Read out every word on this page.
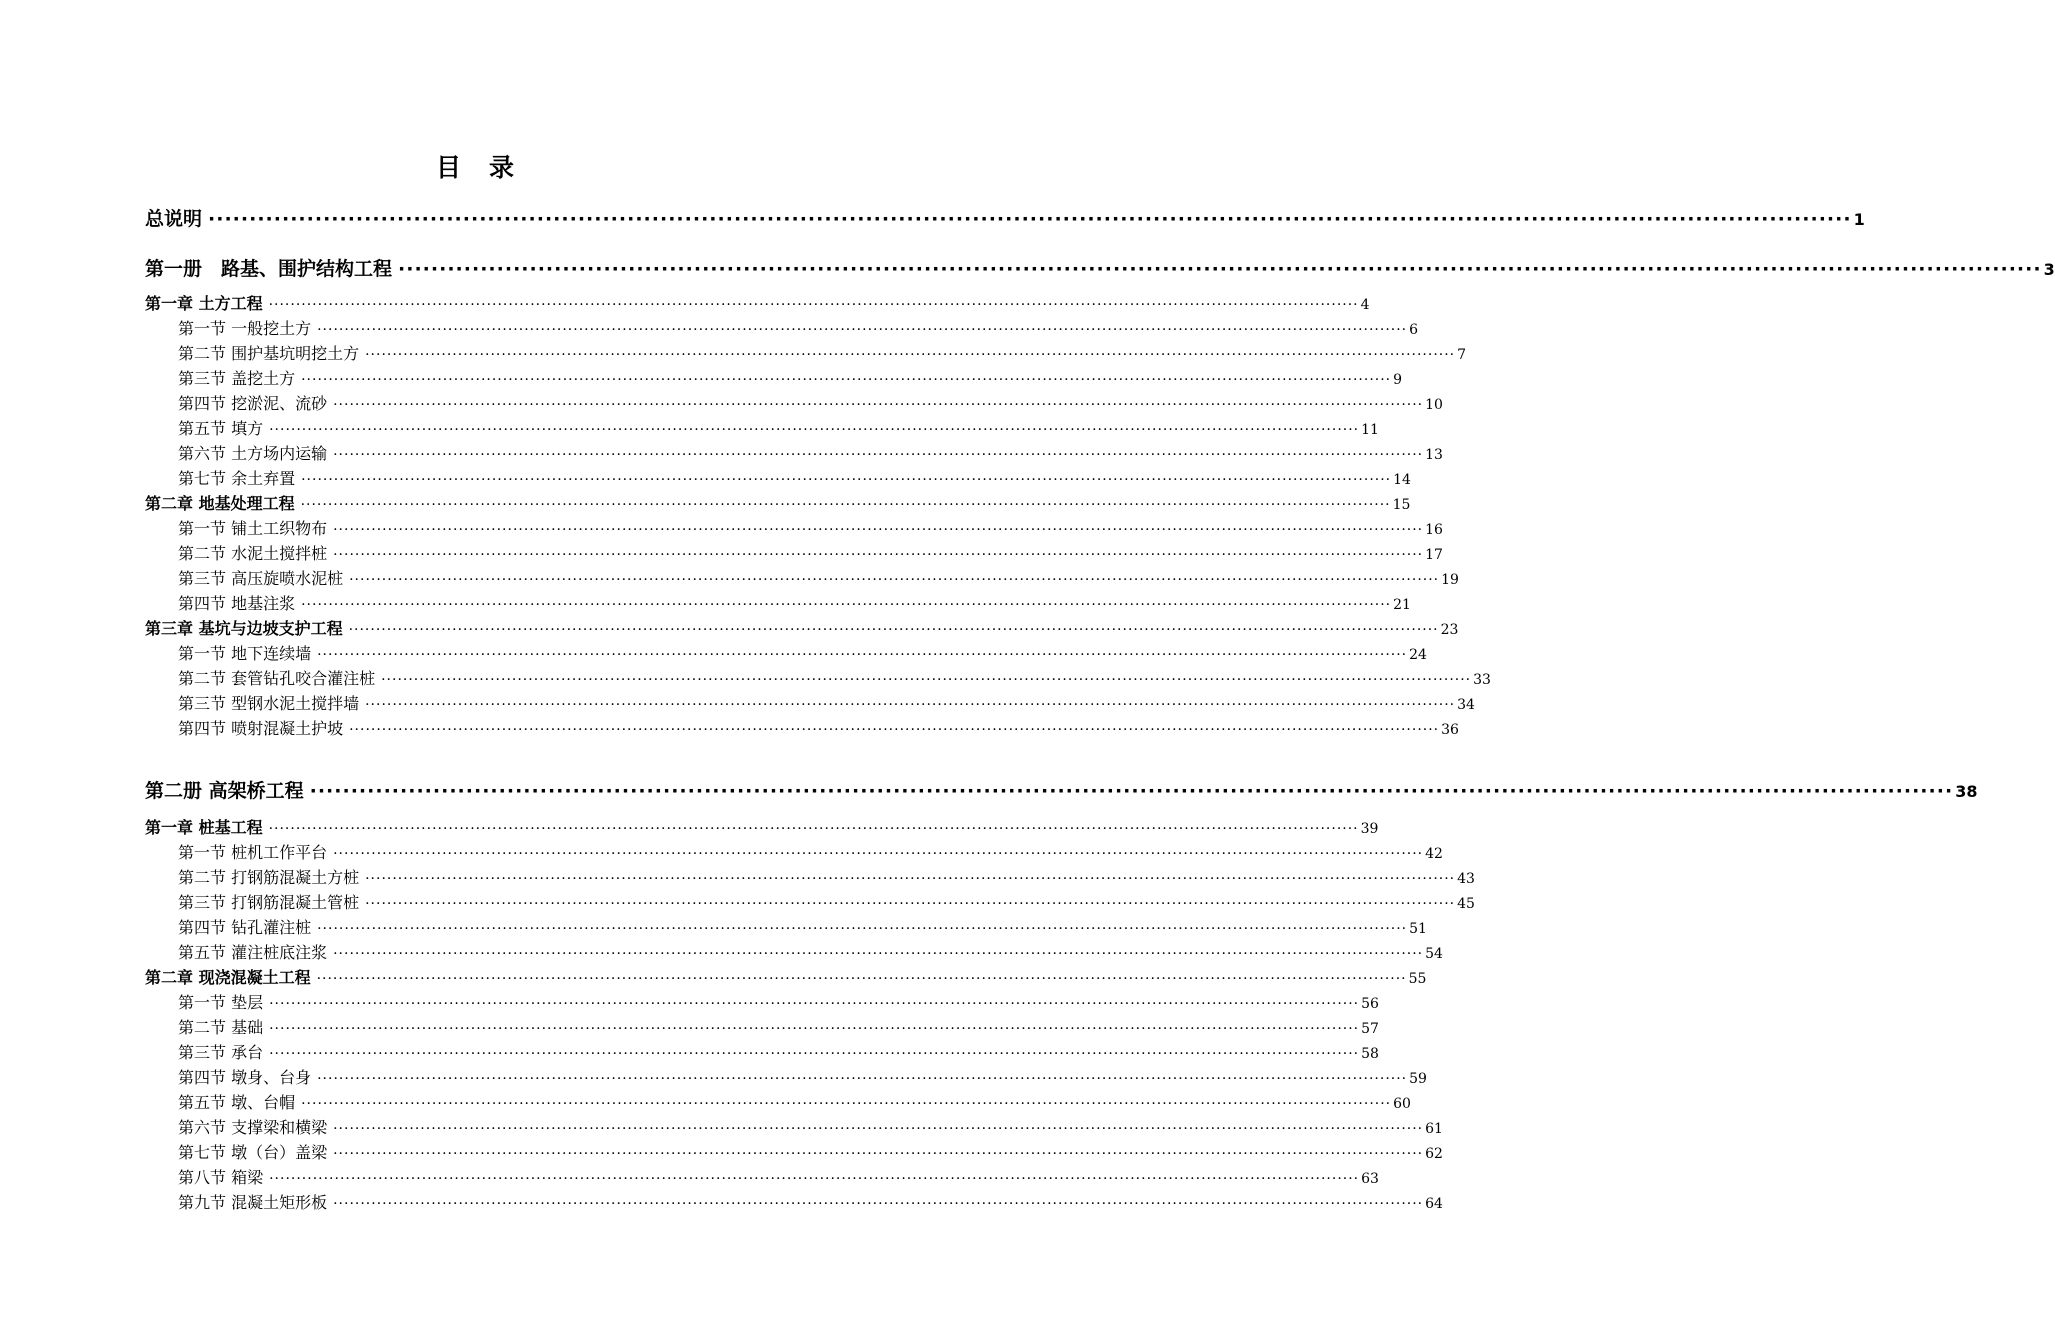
目 录
总说明 ········································································································································································································ 1
第一册　路基、围护结构工程 ········································································································································································································ 3
第一章 土方工程 ········································································································································································································ 4
第一节 一般挖土方 ········································································································································································································ 6
第二节 围护基坑明挖土方 ········································································································································································································ 7
第三节 盖挖土方 ········································································································································································································ 9
第四节 挖淤泥、流砂 ········································································································································································································ 10
第五节 填方 ········································································································································································································ 11
第六节 土方场内运输 ········································································································································································································ 13
第七节 余土弃置 ········································································································································································································ 14
第二章 地基处理工程 ········································································································································································································ 15
第一节 铺土工织物布 ········································································································································································································ 16
第二节 水泥土搅拌桩 ········································································································································································································ 17
第三节 高压旋喷水泥桩 ········································································································································································································ 19
第四节 地基注浆 ········································································································································································································ 21
第三章 基坑与边坡支护工程 ········································································································································································································ 23
第一节 地下连续墙 ········································································································································································································ 24
第二节 套管钻孔咬合灌注桩 ········································································································································································································ 33
第三节 型钢水泥土搅拌墙 ········································································································································································································ 34
第四节 喷射混凝土护坡 ········································································································································································································ 36
第二册 高架桥工程 ········································································································································································································ 38
第一章 桩基工程 ········································································································································································································ 39
第一节 桩机工作平台 ········································································································································································································ 42
第二节 打钢筋混凝土方桩 ········································································································································································································ 43
第三节 打钢筋混凝土管桩 ········································································································································································································ 45
第四节 钻孔灌注桩 ········································································································································································································ 51
第五节 灌注桩底注浆 ········································································································································································································ 54
第二章 现浇混凝土工程 ········································································································································································································ 55
第一节 垫层 ········································································································································································································ 56
第二节 基础 ········································································································································································································ 57
第三节 承台 ········································································································································································································ 58
第四节 墩身、台身 ········································································································································································································ 59
第五节 墩、台帽 ········································································································································································································ 60
第六节 支撑梁和横梁 ········································································································································································································ 61
第七节 墩（台）盖梁 ········································································································································································································ 62
第八节 箱梁 ········································································································································································································ 63
第九节 混凝土矩形板 ········································································································································································································ 64
